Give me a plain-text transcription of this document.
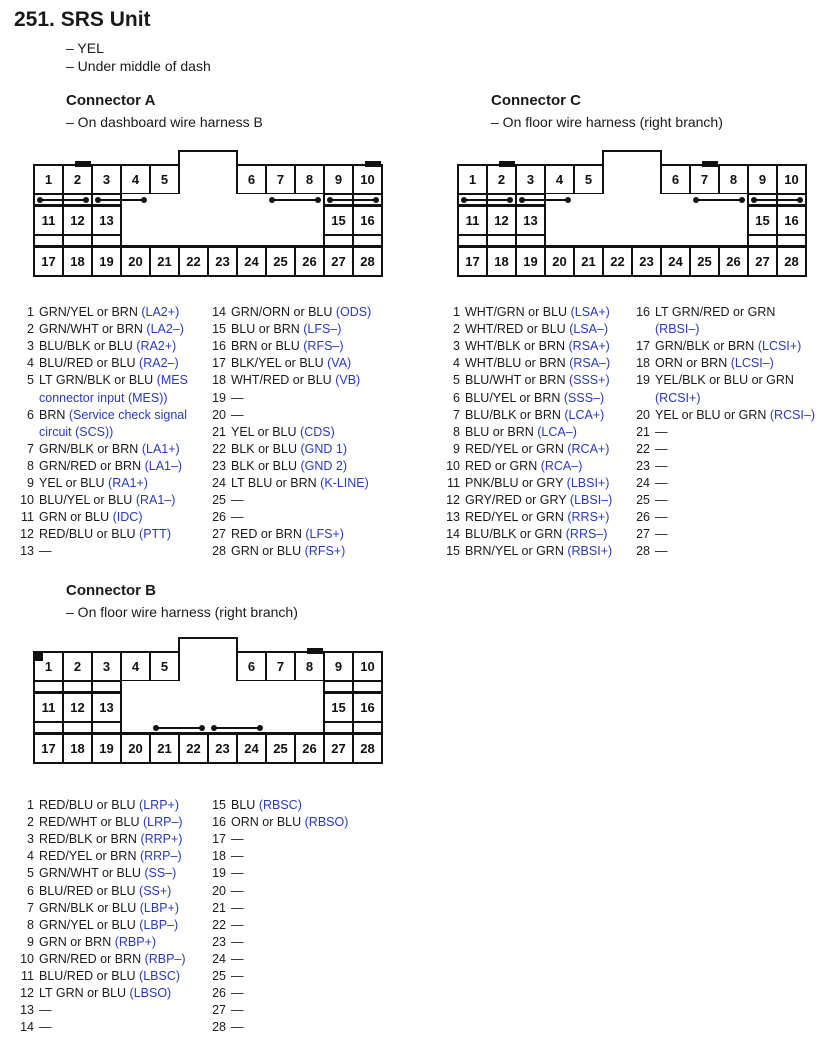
251. SRS Unit
– YEL
– Under middle of dash
Connector A
– On dashboard wire harness B
1	2	3	4	5	6	7	8	9	10
11	12	13	15	16
17	18	19	20	21	22	23	24	25	26	27	28
1 GRN/YEL or BRN (LA2+)
2 GRN/WHT or BRN (LA2–)
3 BLU/BLK or BLU (RA2+)
4 BLU/RED or BLU (RA2–)
5 LT GRN/BLK or BLU (MES
connector input (MES))
6 BRN (Service check signal
circuit (SCS))
7 GRN/BLK or BRN (LA1+)
8 GRN/RED or BRN (LA1–)
9 YEL or BLU (RA1+)
10 BLU/YEL or BLU (RA1–)
11 GRN or BLU (IDC)
12 RED/BLU or BLU (PTT)
13 —
14 GRN/ORN or BLU (ODS)
15 BLU or BRN (LFS–)
16 BRN or BLU (RFS–)
17 BLK/YEL or BLU (VA)
18 WHT/RED or BLU (VB)
19 —
20 —
21 YEL or BLU (CDS)
22 BLK or BLU (GND 1)
23 BLK or BLU (GND 2)
24 LT BLU or BRN (K-LINE)
25 —
26 —
27 RED or BRN (LFS+)
28 GRN or BLU (RFS+)
Connector C
– On floor wire harness (right branch)
1	2	3	4	5	6	7	8	9	10
11	12	13	15	16
17	18	19	20	21	22	23	24	25	26	27	28
1 WHT/GRN or BLU (LSA+)
2 WHT/RED or BLU (LSA–)
3 WHT/BLK or BRN (RSA+)
4 WHT/BLU or BRN (RSA–)
5 BLU/WHT or BRN (SSS+)
6 BLU/YEL or BRN (SSS–)
7 BLU/BLK or BRN (LCA+)
8 BLU or BRN (LCA–)
9 RED/YEL or GRN (RCA+)
10 RED or GRN (RCA–)
11 PNK/BLU or GRY (LBSI+)
12 GRY/RED or GRY (LBSI–)
13 RED/YEL or GRN (RRS+)
14 BLU/BLK or GRN (RRS–)
15 BRN/YEL or GRN (RBSI+)
16 LT GRN/RED or GRN
(RBSI–)
17 GRN/BLK or BRN (LCSI+)
18 ORN or BRN (LCSI–)
19 YEL/BLK or BLU or GRN
(RCSI+)
20 YEL or BLU or GRN (RCSI–)
21 —
22 —
23 —
24 —
25 —
26 —
27 —
28 —
Connector B
– On floor wire harness (right branch)
1	2	3	4	5	6	7	8	9	10
11	12	13	15	16
17	18	19	20	21	22	23	24	25	26	27	28
1 RED/BLU or BLU (LRP+)
2 RED/WHT or BLU (LRP–)
3 RED/BLK or BRN (RRP+)
4 RED/YEL or BRN (RRP–)
5 GRN/WHT or BLU (SS–)
6 BLU/RED or BLU (SS+)
7 GRN/BLK or BLU (LBP+)
8 GRN/YEL or BLU (LBP–)
9 GRN or BRN (RBP+)
10 GRN/RED or BRN (RBP–)
11 BLU/RED or BLU (LBSC)
12 LT GRN or BLU (LBSO)
13 —
14 —
15 BLU (RBSC)
16 ORN or BLU (RBSO)
17 —
18 —
19 —
20 —
21 —
22 —
23 —
24 —
25 —
26 —
27 —
28 —
